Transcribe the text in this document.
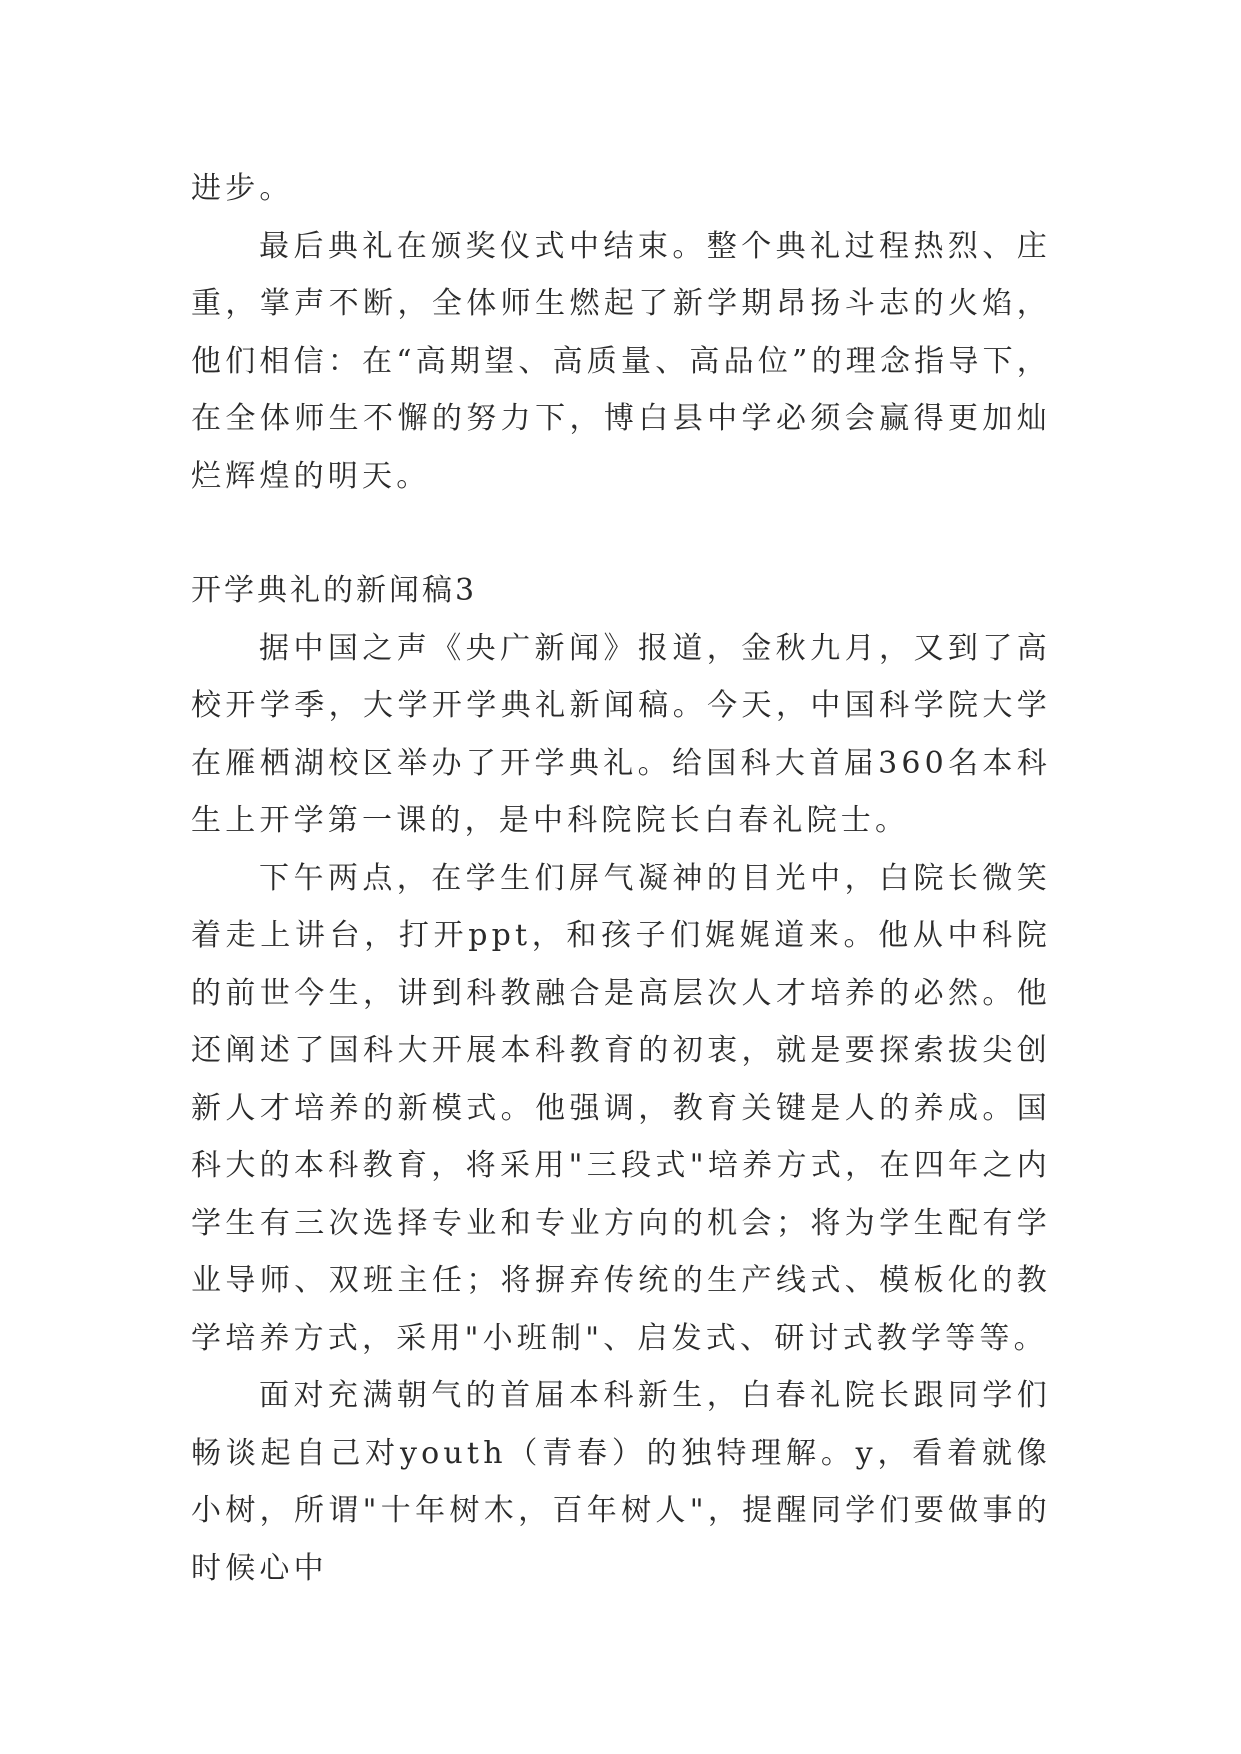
进步。

最后典礼在颁奖仪式中结束。整个典礼过程热烈、庄重，掌声不断，全体师生燃起了新学期昂扬斗志的火焰，他们相信：在“高期望、高质量、高品位”的理念指导下，在全体师生不懈的努力下，博白县中学必须会赢得更加灿烂辉煌的明天。

开学典礼的新闻稿3

据中国之声《央广新闻》报道，金秋九月，又到了高校开学季，大学开学典礼新闻稿。今天，中国科学院大学在雁栖湖校区举办了开学典礼。给国科大首届360名本科生上开学第一课的，是中科院院长白春礼院士。

下午两点，在学生们屏气凝神的目光中，白院长微笑着走上讲台，打开ppt，和孩子们娓娓道来。他从中科院的前世今生，讲到科教融合是高层次人才培养的必然。他还阐述了国科大开展本科教育的初衷，就是要探索拔尖创新人才培养的新模式。他强调，教育关键是人的养成。国科大的本科教育，将采用"三段式"培养方式，在四年之内学生有三次选择专业和专业方向的机会；将为学生配有学业导师、双班主任；将摒弃传统的生产线式、模板化的教学培养方式，采用"小班制"、启发式、研讨式教学等等。

面对充满朝气的首届本科新生，白春礼院长跟同学们畅谈起自己对youth（青春）的独特理解。y，看着就像小树，所谓"十年树木，百年树人"，提醒同学们要做事的时候心中
